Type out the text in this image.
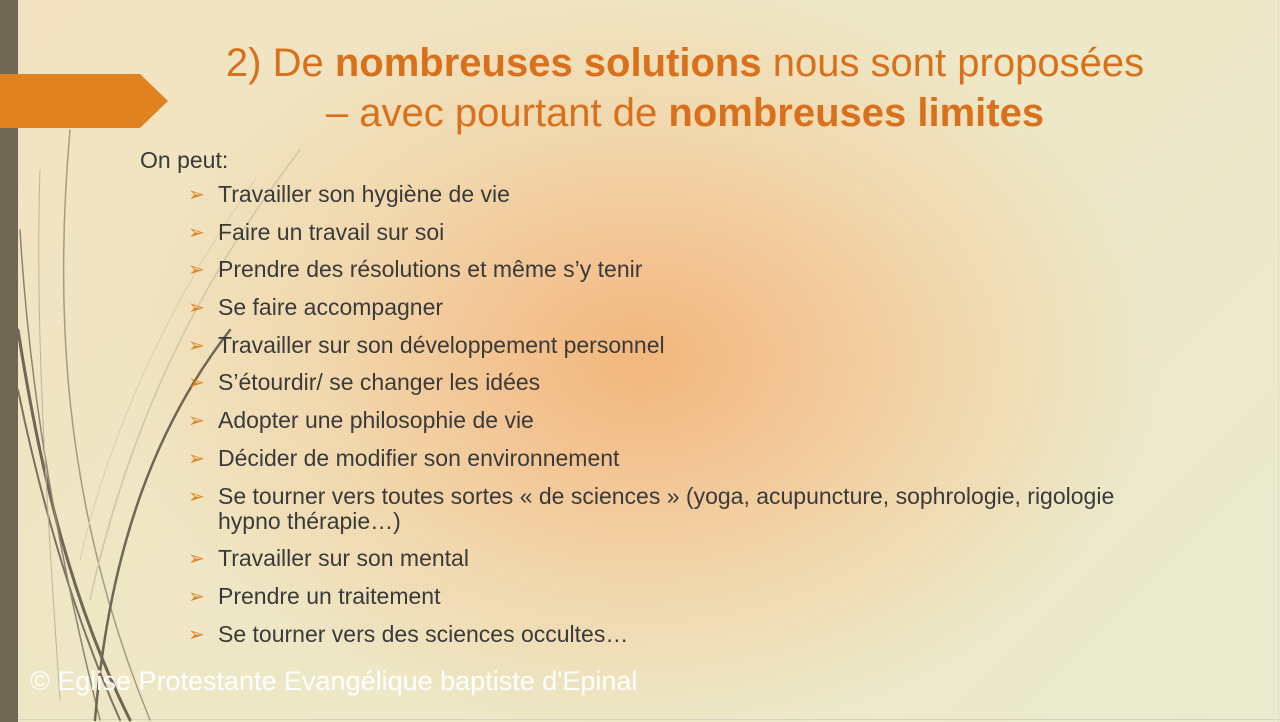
2) De nombreuses solutions nous sont proposées
– avec pourtant de nombreuses limites

On peut:

➢ Travailler son hygiène de vie
➢ Faire un travail sur soi
➢ Prendre des résolutions et même s’y tenir
➢ Se faire accompagner
➢ Travailler sur son développement personnel
➢ S’étourdir/ se changer les idées
➢ Adopter une philosophie de vie
➢ Décider de modifier son environnement
➢ Se tourner vers toutes sortes « de sciences » (yoga, acupuncture, sophrologie, rigologie hypno thérapie…)
➢ Travailler sur son mental
➢ Prendre un traitement
➢ Se tourner vers des sciences occultes…

© Eglise Protestante Evangélique baptiste d'Epinal
